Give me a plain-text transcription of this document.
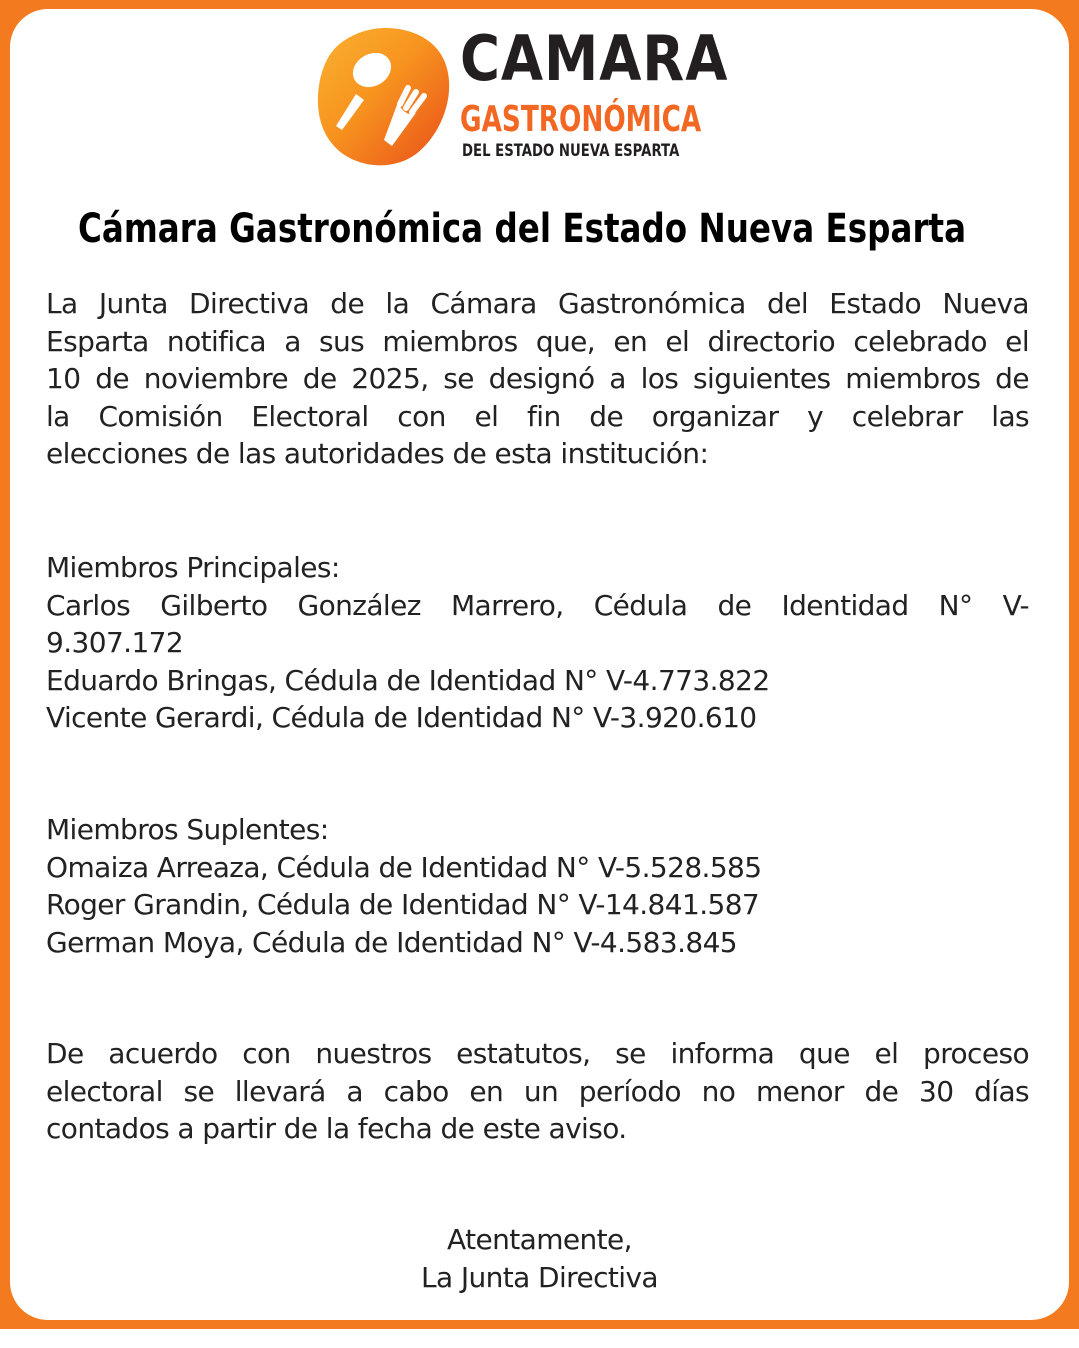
CAMARA
GASTRONÓMICA
DEL ESTADO NUEVA ESPARTA
Cámara Gastronómica del Estado Nueva Esparta
La Junta Directiva de la Cámara Gastronómica del Estado Nueva
Esparta notifica a sus miembros que, en el directorio celebrado el
10 de noviembre de 2025, se designó a los siguientes miembros de
la Comisión Electoral con el fin de organizar y celebrar las
elecciones de las autoridades de esta institución:
Miembros Principales:
Carlos Gilberto González Marrero, Cédula de Identidad N° V-
9.307.172
Eduardo Bringas, Cédula de Identidad N° V-4.773.822
Vicente Gerardi, Cédula de Identidad N° V-3.920.610
Miembros Suplentes:
Omaiza Arreaza, Cédula de Identidad N° V-5.528.585
Roger Grandin, Cédula de Identidad N° V-14.841.587
German Moya, Cédula de Identidad N° V-4.583.845
De acuerdo con nuestros estatutos, se informa que el proceso
electoral se llevará a cabo en un período no menor de 30 días
contados a partir de la fecha de este aviso.
Atentamente,
La Junta Directiva
